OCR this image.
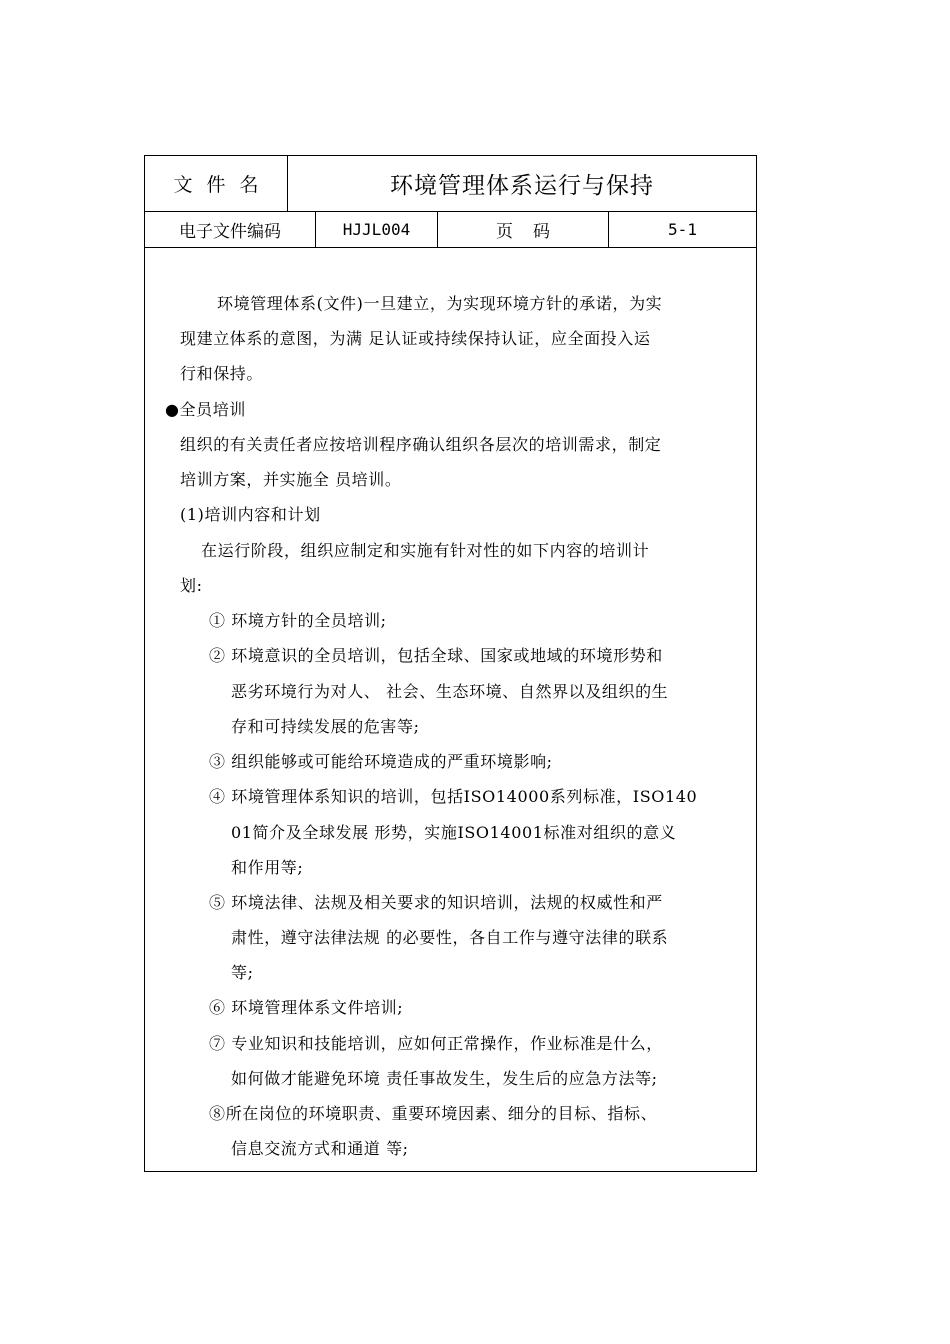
文件名	环境管理体系运行与保持
电子文件编码	HJJL004	页码	5-1
环境管理体系(文件)一旦建立，为实现环境方针的承诺，为实
现建立体系的意图，为满 足认证或持续保持认证，应全面投入运
行和保持。
●全员培训
组织的有关责任者应按培训程序确认组织各层次的培训需求，制定
培训方案，并实施全 员培训。
(1)培训内容和计划
在运行阶段，组织应制定和实施有针对性的如下内容的培训计
划:
① 环境方针的全员培训;
② 环境意识的全员培训，包括全球、国家或地域的环境形势和
恶劣环境行为对人、 社会、生态环境、自然界以及组织的生
存和可持续发展的危害等;
③ 组织能够或可能给环境造成的严重环境影响;
④ 环境管理体系知识的培训，包括ISO14000系列标准，ISO140
01简介及全球发展 形势，实施ISO14001标准对组织的意义
和作用等;
⑤ 环境法律、法规及相关要求的知识培训，法规的权威性和严
肃性，遵守法律法规 的必要性，各自工作与遵守法律的联系
等;
⑥ 环境管理体系文件培训;
⑦ 专业知识和技能培训，应如何正常操作，作业标准是什么，
如何做才能避免环境 责任事故发生，发生后的应急方法等;
⑧所在岗位的环境职责、重要环境因素、细分的目标、指标、
信息交流方式和通道 等;
